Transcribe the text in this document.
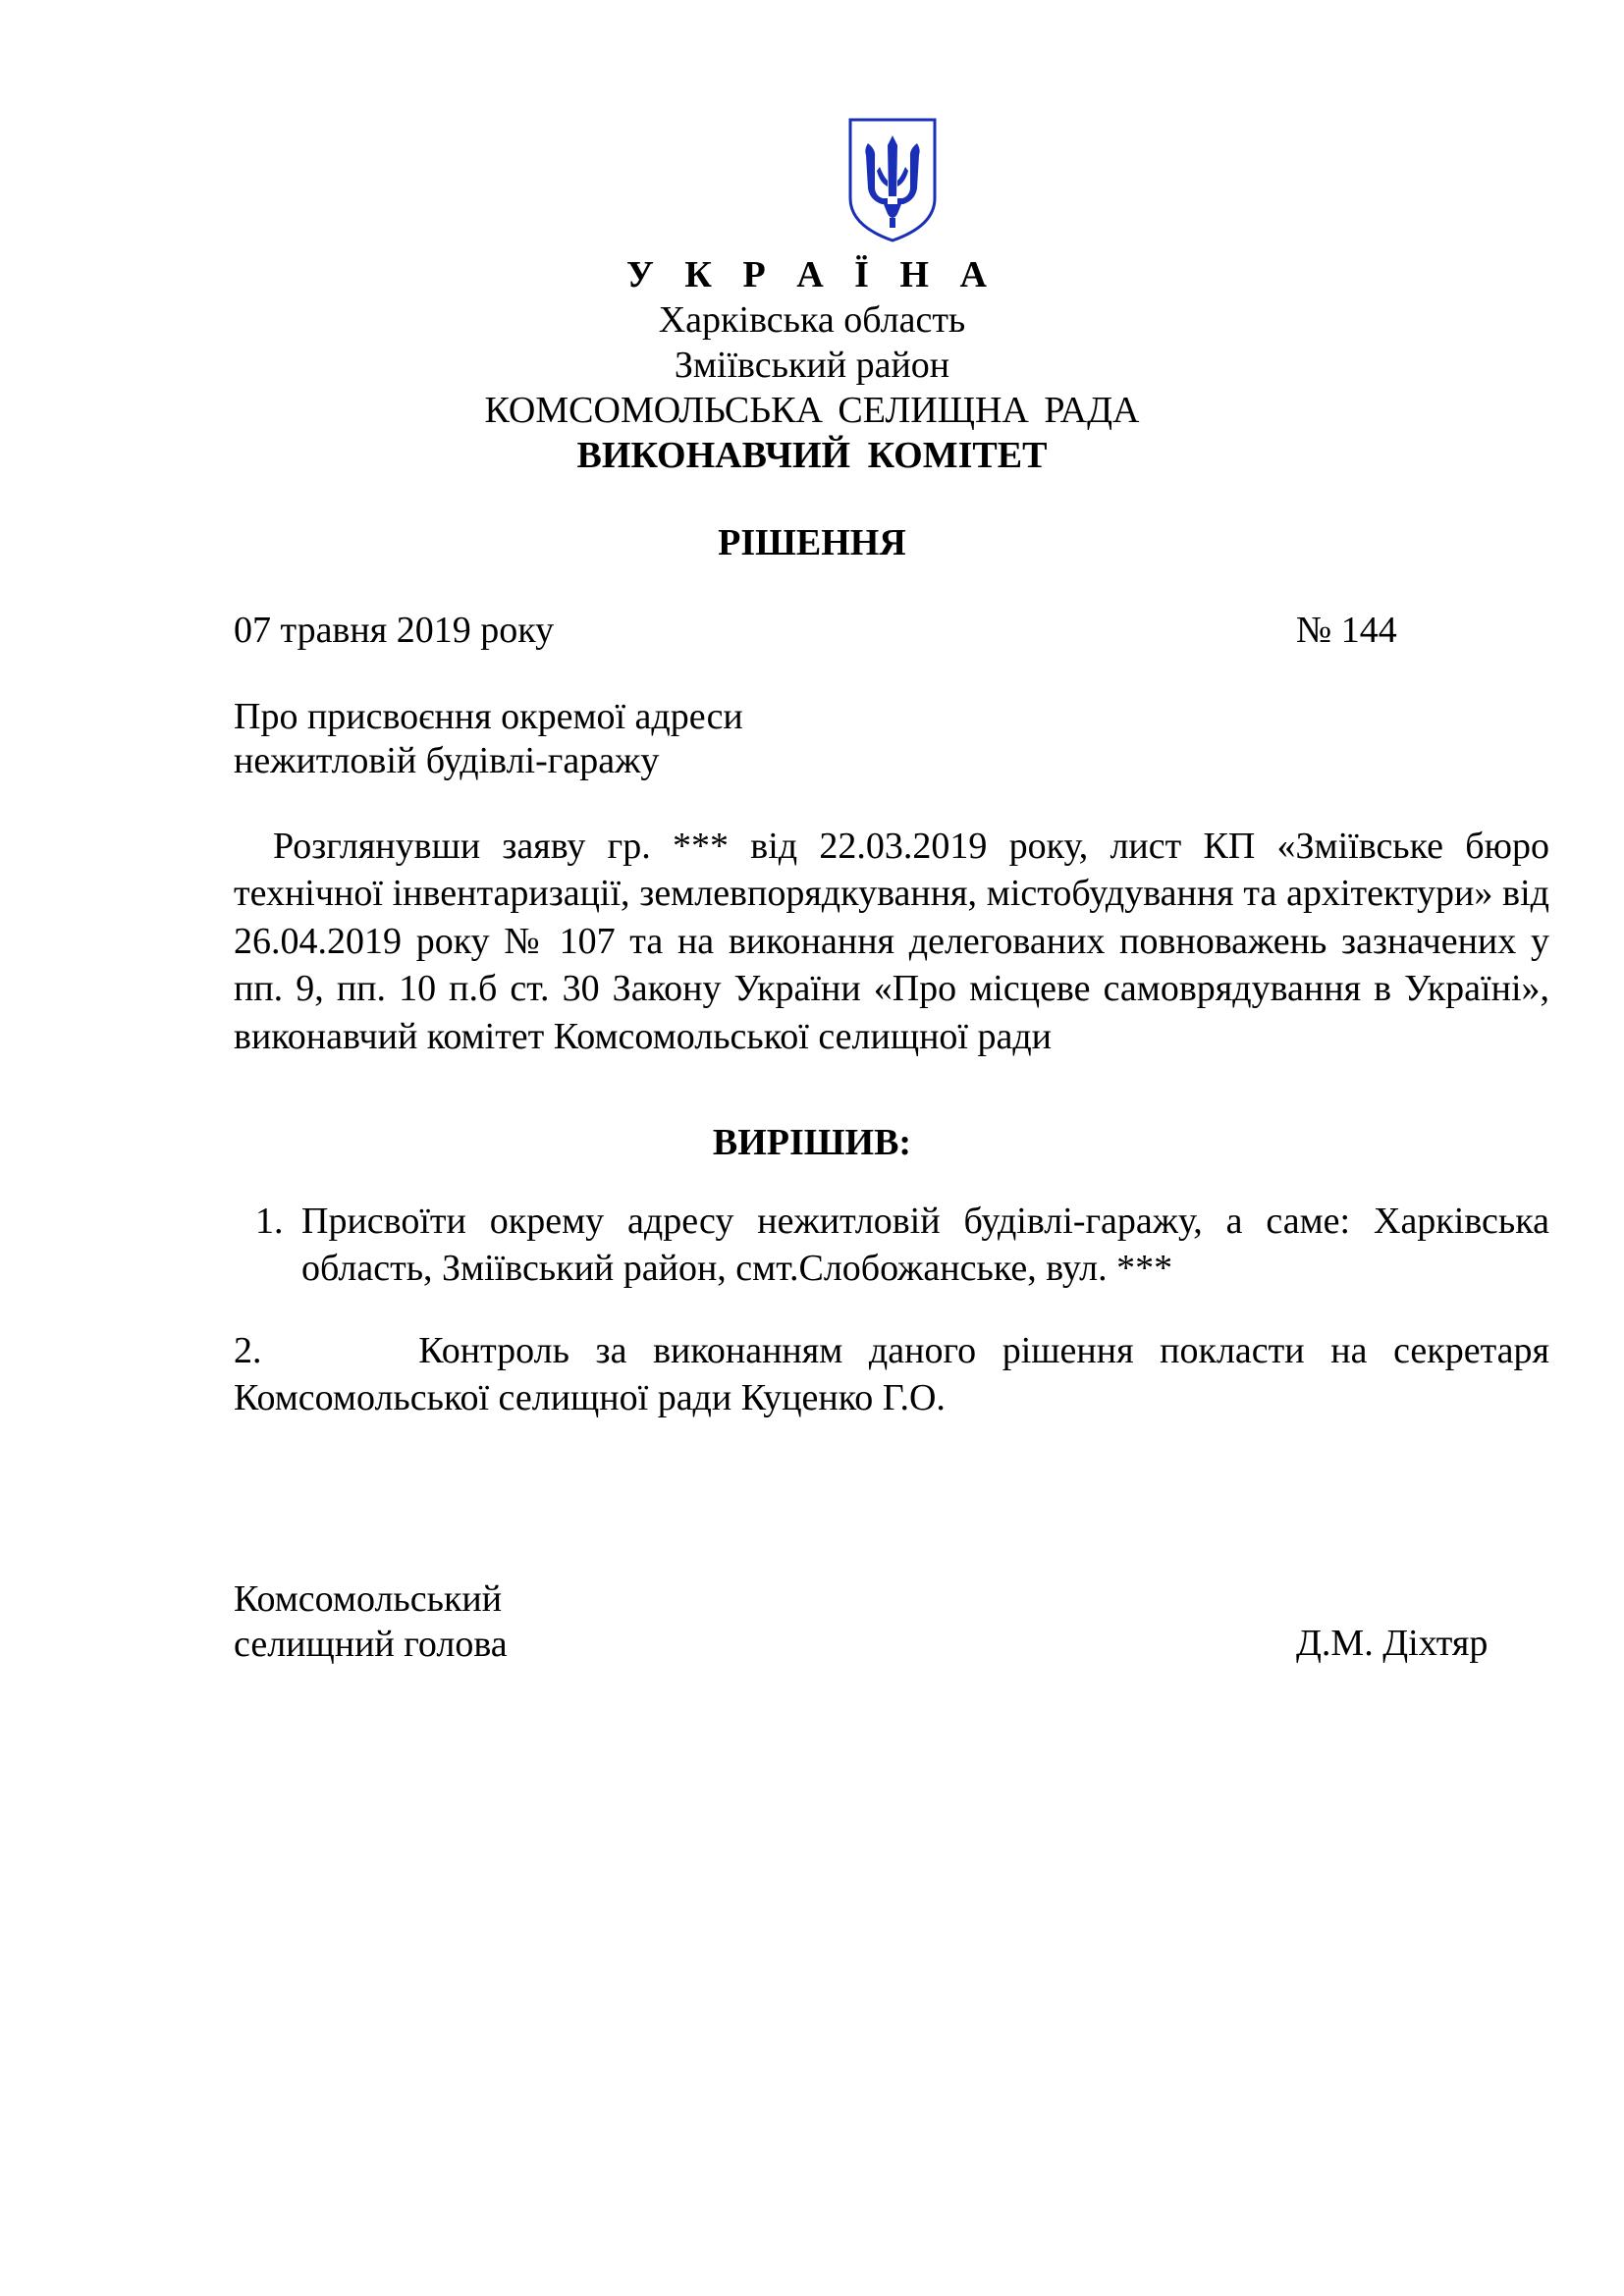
У К Р А Ї Н А
Харківська область
Зміївський район
КОМСОМОЛЬСЬКА СЕЛИЩНА РАДА
ВИКОНАВЧИЙ КОМІТЕТ
РІШЕННЯ
07 травня 2019 року	№ 144
Про присвоєння окремої адреси
нежитловій будівлі-гаражу

Розглянувши заяву гр. *** від 22.03.2019 року, лист КП «Зміївське бюро технічної інвентаризації, землевпорядкування, містобудування та архітектури» від 26.04.2019 року № 107 та на виконання делегованих повноважень зазначених у пп. 9, пп. 10 п.б ст. 30 Закону України «Про місцеве самоврядування в Україні», виконавчий комітет Комсомольської селищної ради

ВИРІШИВ:
1. Присвоїти окрему адресу нежитловій будівлі-гаражу, а саме: Харківська область, Зміївський район, смт.Слобожанське, вул. ***

2.	Контроль за виконанням даного рішення покласти на секретаря Комсомольської селищної ради Куценко Г.О.

Комсомольський
селищний голова	Д.М. Діхтяр
